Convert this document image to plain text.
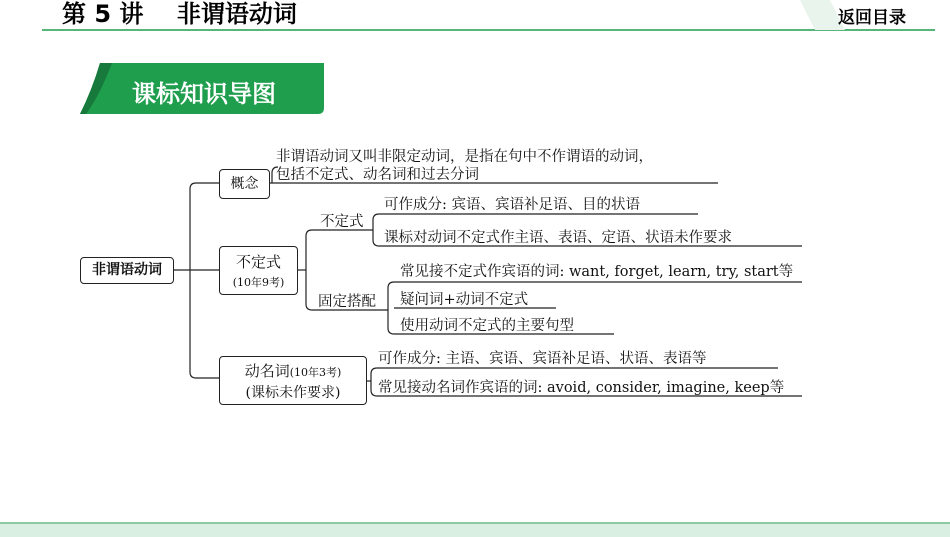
第 5 讲    非谓语动词	返回目录
课标知识导图
非谓语动词
概念
不定式
(10年9考)
动名词(10年3考)
(课标未作要求)
非谓语动词又叫非限定动词，是指在句中不作谓语的动词，
包括不定式、动名词和过去分词
不定式
可作成分: 宾语、宾语补足语、目的状语
课标对动词不定式作主语、表语、定语、状语未作要求
固定搭配
常见接不定式作宾语的词: want, forget, learn, try, start等
疑问词+动词不定式
使用动词不定式的主要句型
可作成分: 主语、宾语、宾语补足语、状语、表语等
常见接动名词作宾语的词: avoid, consider, imagine, keep等
